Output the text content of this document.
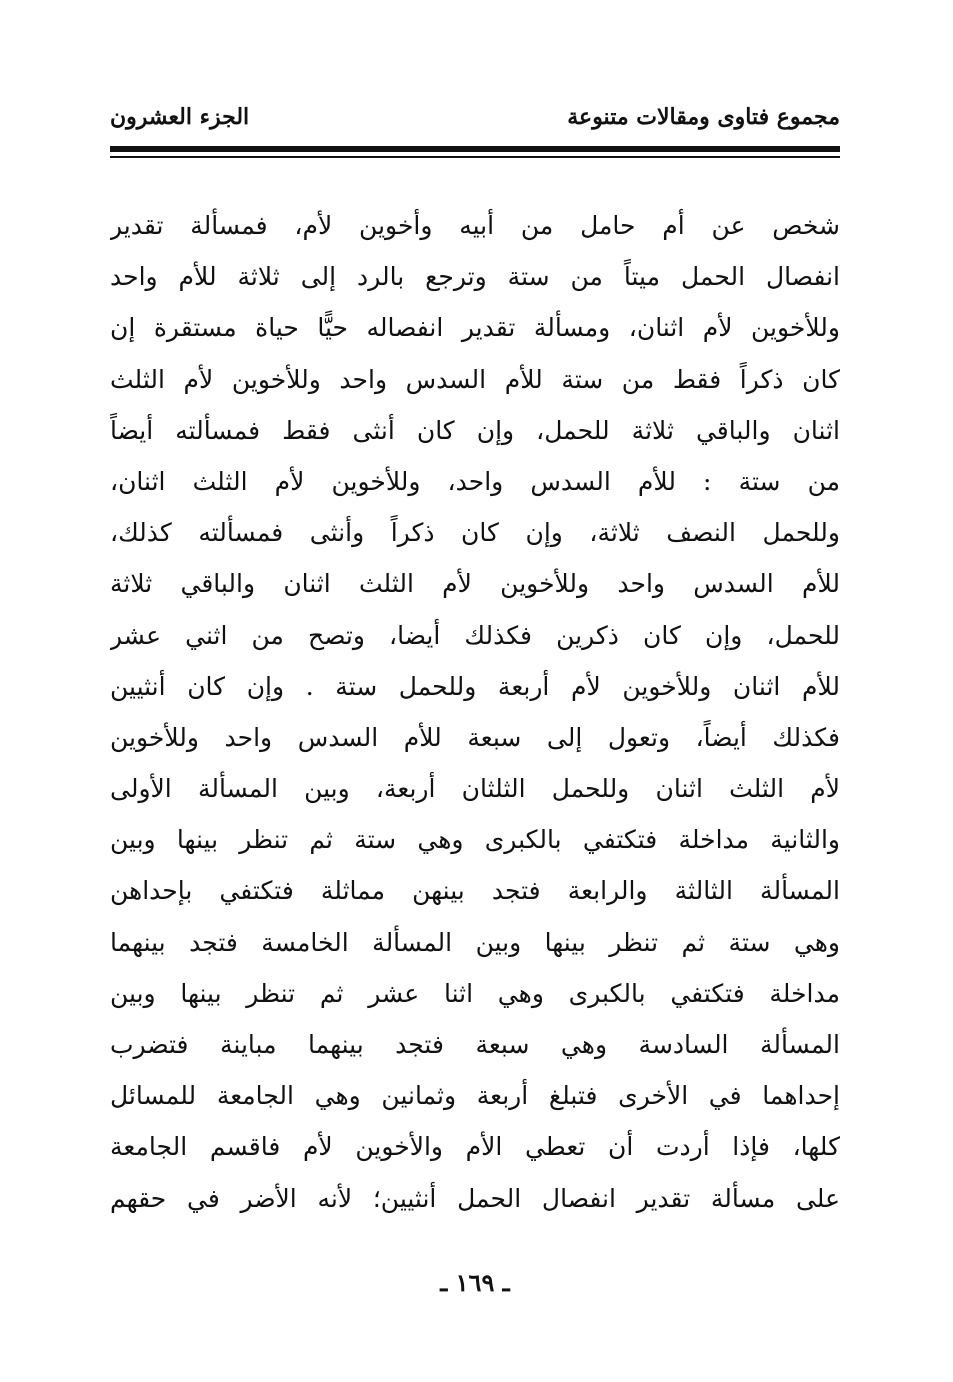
مجموع فتاوى ومقالات متنوعة
الجزء العشرون
شخص عن أم حامل من أبيه وأخوين لأم، فمسألة تقدير
انفصال الحمل ميتاً من ستة وترجع بالرد إلى ثلاثة للأم واحد
وللأخوين لأم اثنان، ومسألة تقدير انفصاله حيًّا حياة مستقرة إن
كان ذكراً فقط من ستة للأم السدس واحد وللأخوين لأم الثلث
اثنان والباقي ثلاثة للحمل، وإن كان أنثى فقط فمسألته أيضاً
من ستة : للأم السدس واحد، وللأخوين لأم الثلث اثنان،
وللحمل النصف ثلاثة، وإن كان ذكراً وأنثى فمسألته كذلك،
للأم السدس واحد وللأخوين لأم الثلث اثنان والباقي ثلاثة
للحمل، وإن كان ذكرين فكذلك أيضا، وتصح من اثني عشر
للأم اثنان وللأخوين لأم أربعة وللحمل ستة . وإن كان أنثيين
فكذلك أيضاً، وتعول إلى سبعة للأم السدس واحد وللأخوين
لأم الثلث اثنان وللحمل الثلثان أربعة، وبين المسألة الأولى
والثانية مداخلة فتكتفي بالكبرى وهي ستة ثم تنظر بينها وبين
المسألة الثالثة والرابعة فتجد بينهن مماثلة فتكتفي بإحداهن
وهي ستة ثم تنظر بينها وبين المسألة الخامسة فتجد بينهما
مداخلة فتكتفي بالكبرى وهي اثنا عشر ثم تنظر بينها وبين
المسألة السادسة وهي سبعة فتجد بينهما مباينة فتضرب
إحداهما في الأخرى فتبلغ أربعة وثمانين وهي الجامعة للمسائل
كلها، فإذا أردت أن تعطي الأم والأخوين لأم فاقسم الجامعة
على مسألة تقدير انفصال الحمل أنثيين؛ لأنه الأضر في حقهم
ـ ١٦٩ ـ
